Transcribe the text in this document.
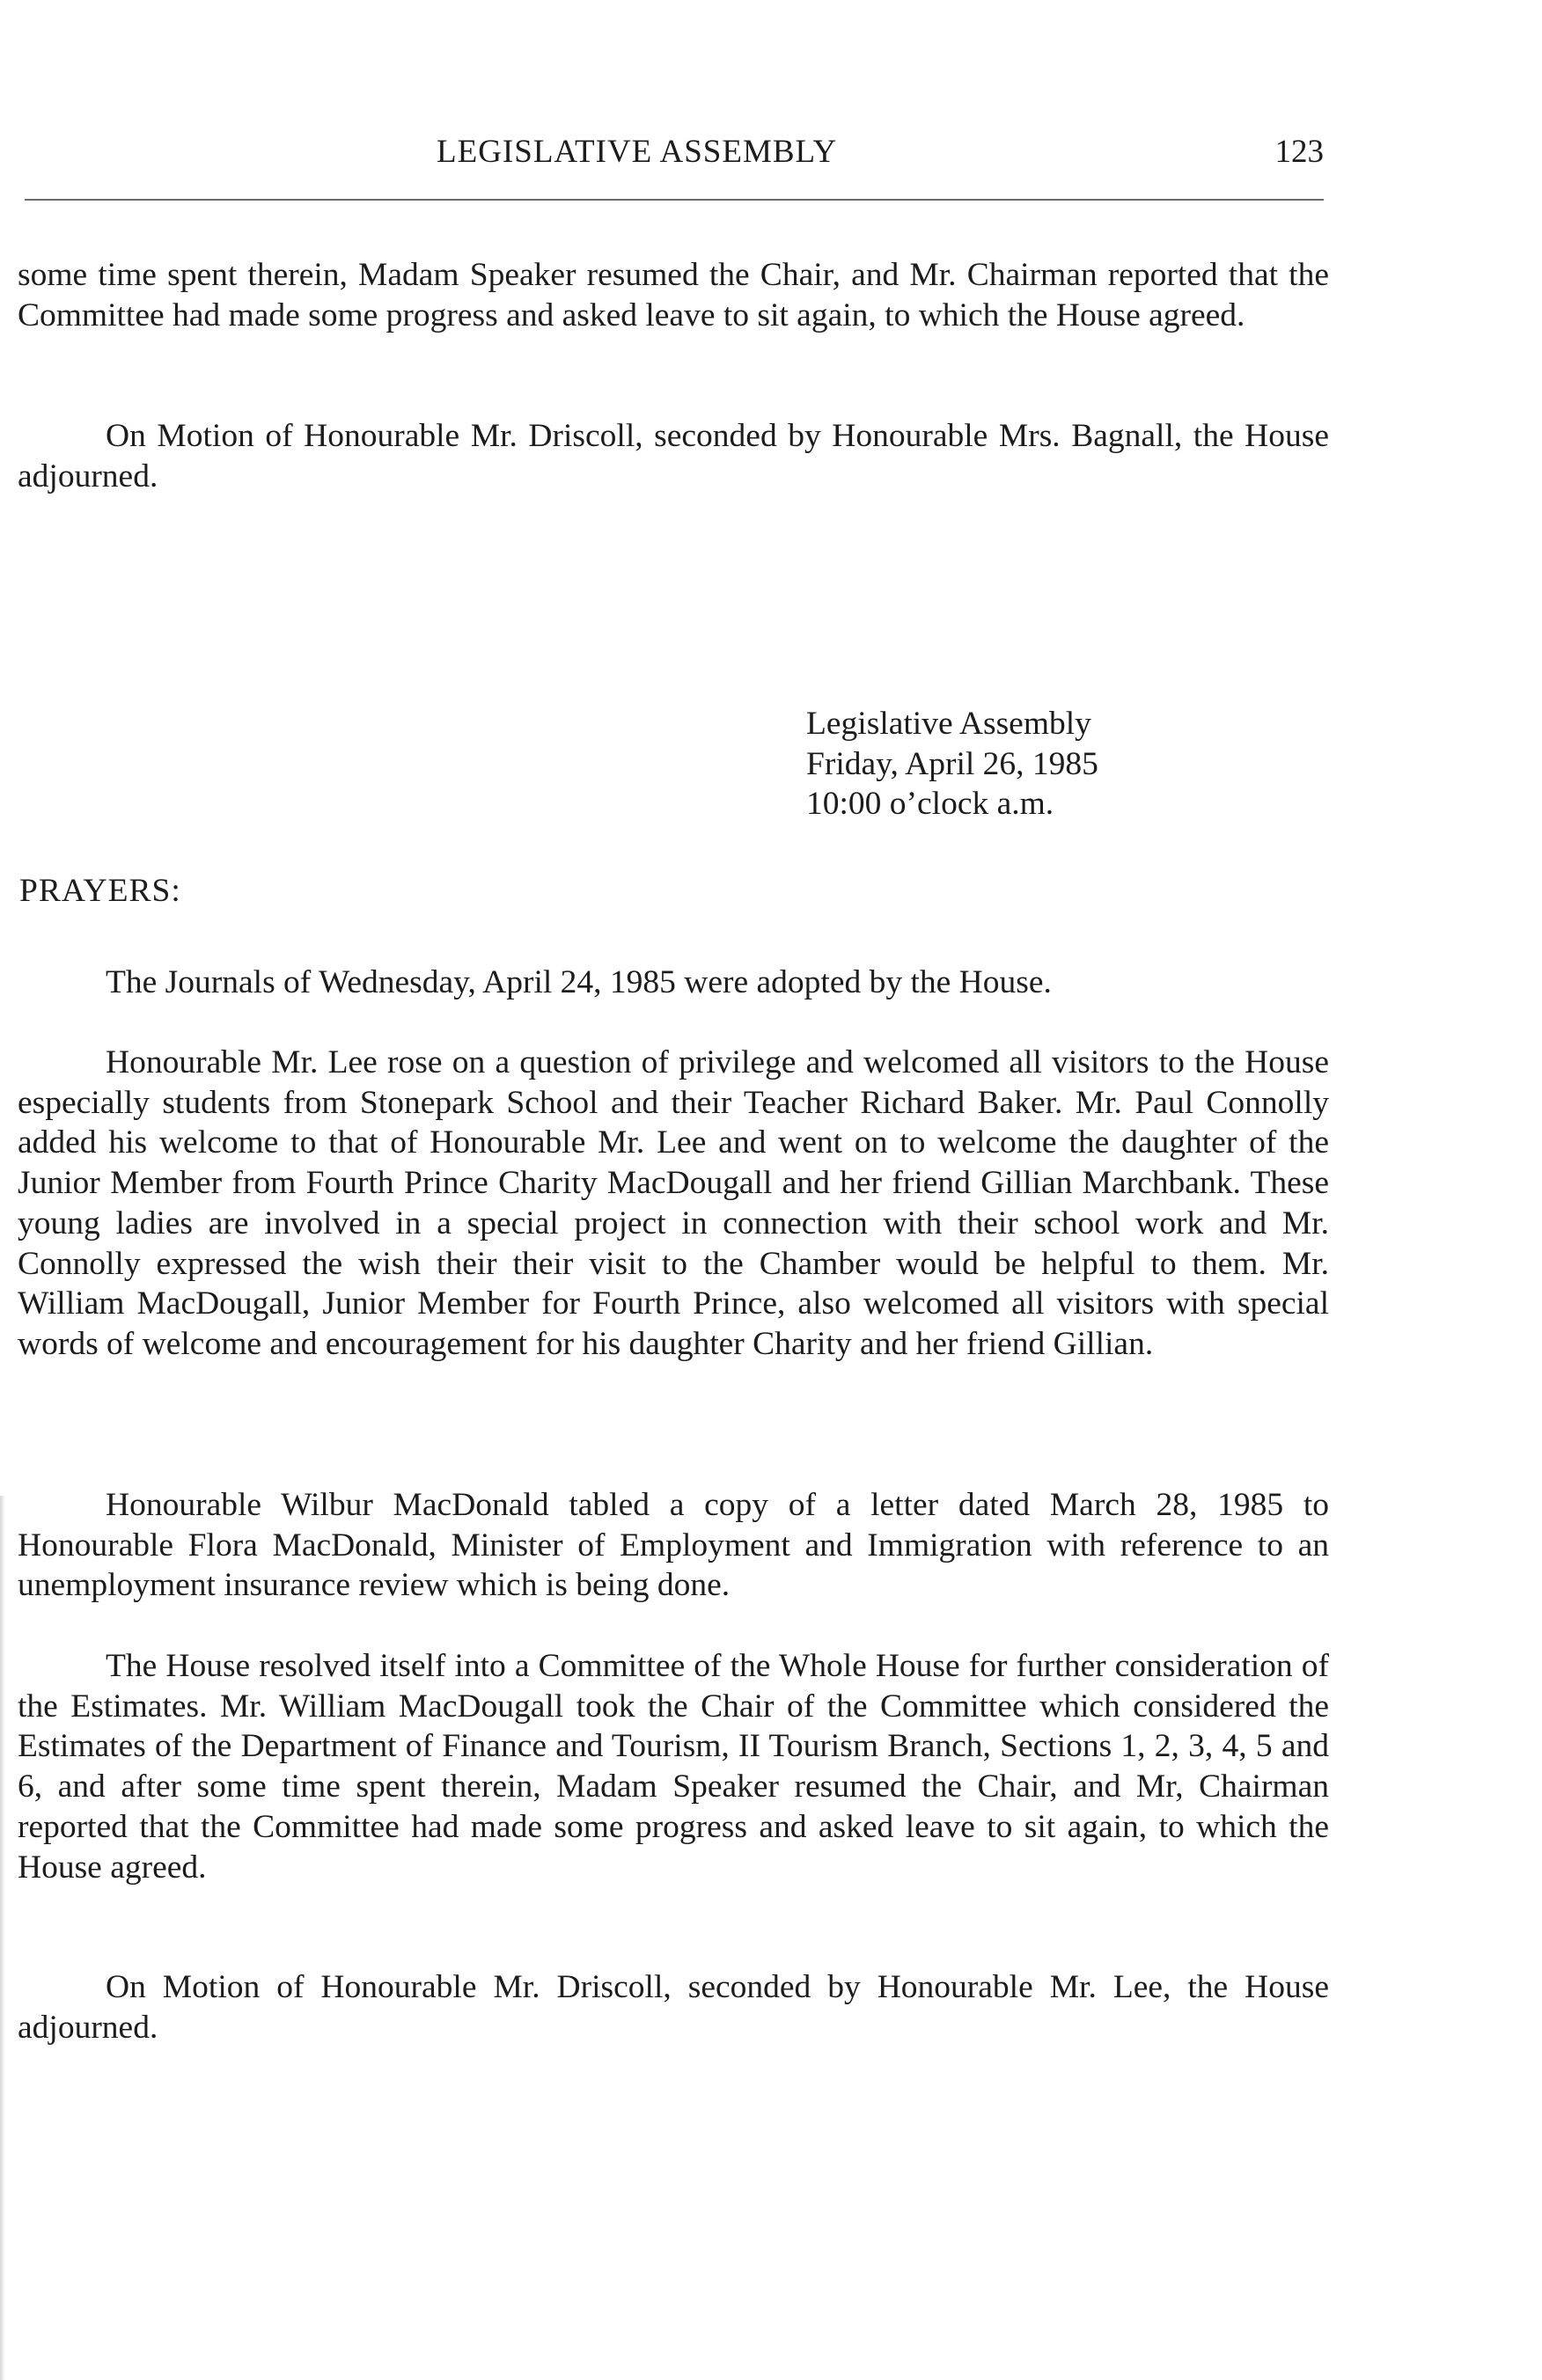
LEGISLATIVE ASSEMBLY	123

some time spent therein, Madam Speaker resumed the Chair, and Mr. Chairman reported that the Committee had made some progress and asked leave to sit again, to which the House agreed.

On Motion of Honourable Mr. Driscoll, seconded by Honourable Mrs. Bagnall, the House adjourned.

Legislative Assembly
Friday, April 26, 1985
10:00 o’clock a.m.
PRAYERS:

The Journals of Wednesday, April 24, 1985 were adopted by the House.

Honourable Mr. Lee rose on a question of privilege and welcomed all visitors to the House especially students from Stonepark School and their Teacher Richard Baker. Mr. Paul Connolly added his welcome to that of Honourable Mr. Lee and went on to welcome the daughter of the Junior Member from Fourth Prince Charity MacDougall and her friend Gillian Marchbank. These young ladies are involved in a special project in connection with their school work and Mr. Connolly expressed the wish their their visit to the Chamber would be helpful to them. Mr. William MacDougall, Junior Member for Fourth Prince, also welcomed all visitors with special words of welcome and encouragement for his daughter Charity and her friend Gillian.

Honourable Wilbur MacDonald tabled a copy of a letter dated March 28, 1985 to Honourable Flora MacDonald, Minister of Employment and Immigration with reference to an unemployment insurance review which is being done.

The House resolved itself into a Committee of the Whole House for further consideration of the Estimates. Mr. William MacDougall took the Chair of the Committee which considered the Estimates of the Department of Finance and Tourism, II Tourism Branch, Sections 1, 2, 3, 4, 5 and 6, and after some time spent therein, Madam Speaker resumed the Chair, and Mr, Chairman reported that the Committee had made some progress and asked leave to sit again, to which the House agreed.

On Motion of Honourable Mr. Driscoll, seconded by Honourable Mr. Lee, the House adjourned.
